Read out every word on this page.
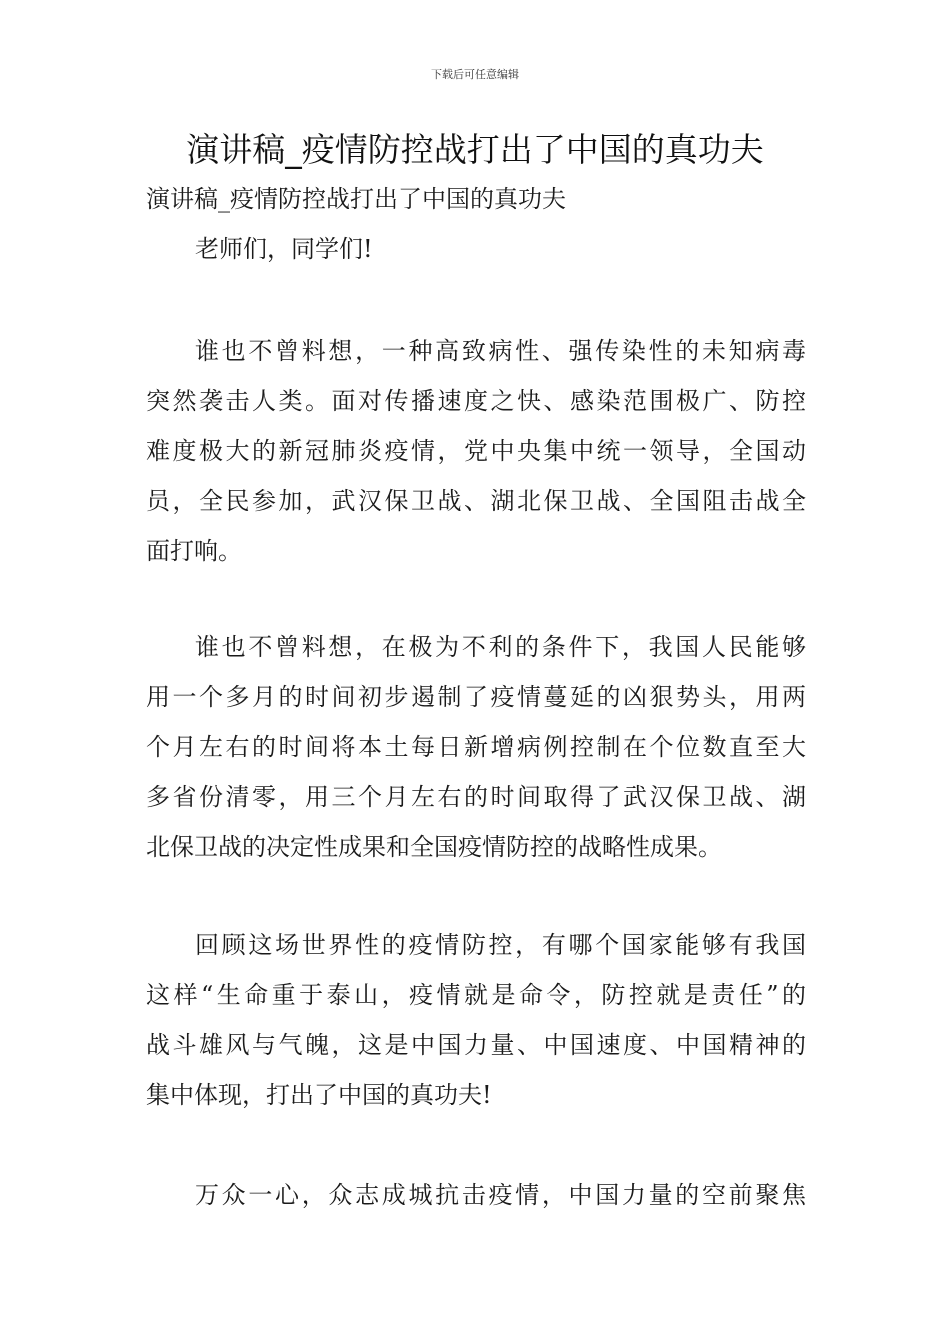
下载后可任意编辑
演讲稿_疫情防控战打出了中国的真功夫
演讲稿_疫情防控战打出了中国的真功夫
老师们，同学们!
谁也不曾料想，一种高致病性、强传染性的未知病毒
突然袭击人类。面对传播速度之快、感染范围极广、防控
难度极大的新冠肺炎疫情，党中央集中统一领导，全国动
员，全民参加，武汉保卫战、湖北保卫战、全国阻击战全
面打响。
谁也不曾料想，在极为不利的条件下，我国人民能够
用一个多月的时间初步遏制了疫情蔓延的凶狠势头，用两
个月左右的时间将本土每日新增病例控制在个位数直至大
多省份清零，用三个月左右的时间取得了武汉保卫战、湖
北保卫战的决定性成果和全国疫情防控的战略性成果。
回顾这场世界性的疫情防控，有哪个国家能够有我国
这样“生命重于泰山，疫情就是命令，防控就是责任”的
战斗雄风与气魄，这是中国力量、中国速度、中国精神的
集中体现，打出了中国的真功夫!
万众一心，众志成城抗击疫情，中国力量的空前聚焦
